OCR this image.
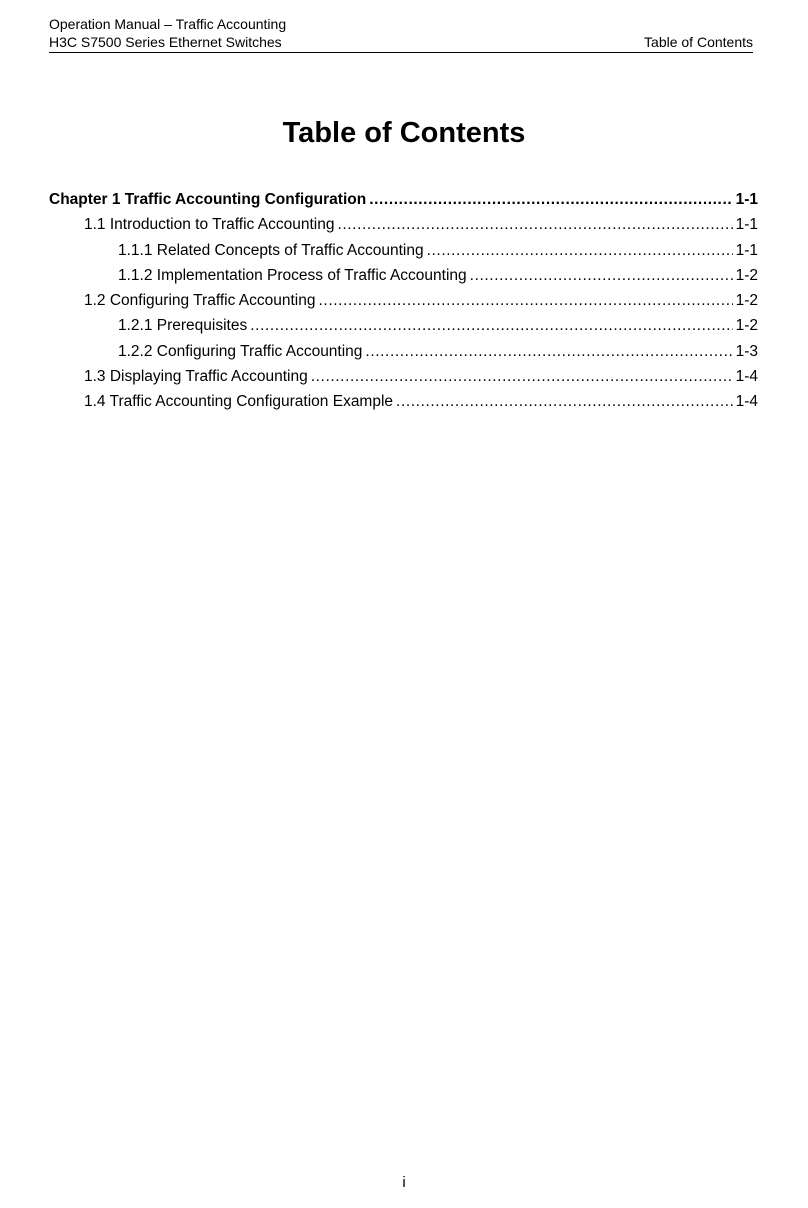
Operation Manual – Traffic Accounting
H3C S7500 Series Ethernet Switches	Table of Contents
Table of Contents
Chapter 1 Traffic Accounting Configuration .....	1-1
1.1 Introduction to Traffic Accounting .....	1-1
1.1.1 Related Concepts of Traffic Accounting .....	1-1
1.1.2 Implementation Process of Traffic Accounting .....	1-2
1.2 Configuring Traffic Accounting .....	1-2
1.2.1 Prerequisites .....	1-2
1.2.2 Configuring Traffic Accounting .....	1-3
1.3 Displaying Traffic Accounting .....	1-4
1.4 Traffic Accounting Configuration Example .....	1-4
i
